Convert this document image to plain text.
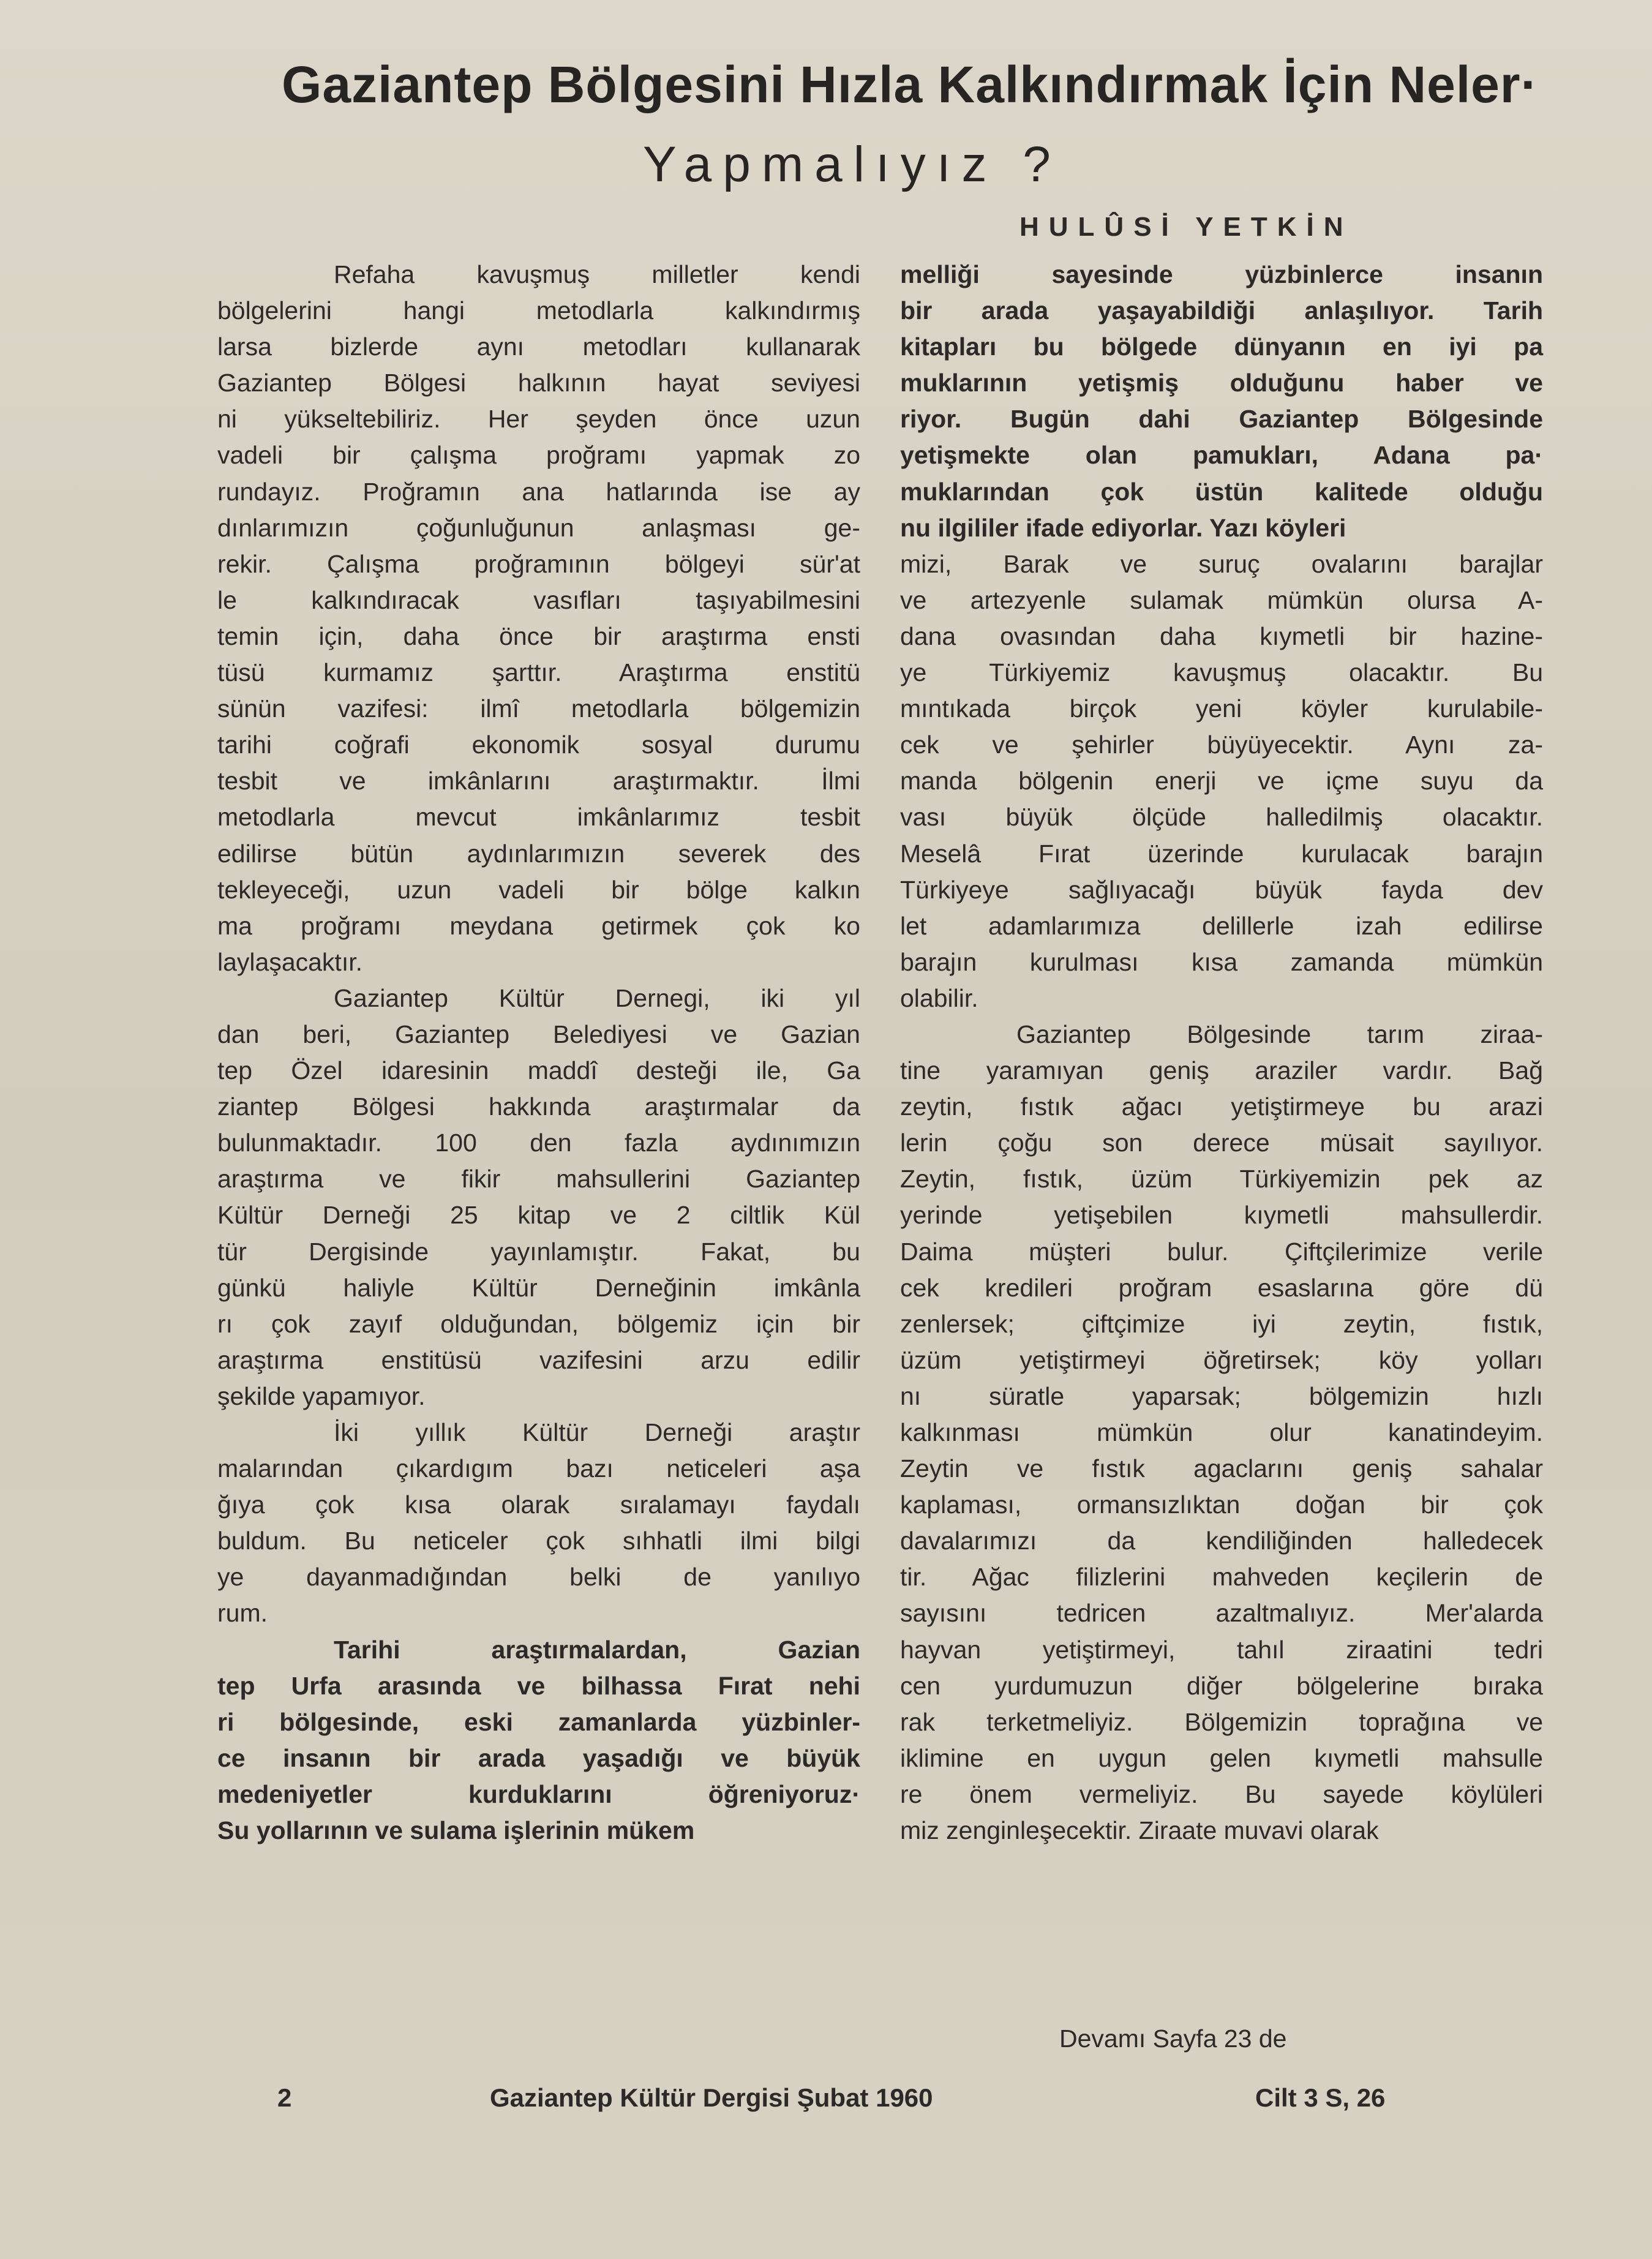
Gaziantep Bölgesini Hızla Kalkındırmak İçin Neler·
Yapmalıyız ?
HULÛSİ YETKİN

Refaha kavuşmuş milletler kendi
bölgelerini hangi metodlarla kalkındırmış
larsa bizlerde aynı metodları kullanarak
Gaziantep Bölgesi halkının hayat seviyesi
ni yükseltebiliriz. Her şeyden önce uzun
vadeli bir çalışma proğramı yapmak zo
rundayız. Proğramın ana hatlarında ise ay
dınlarımızın çoğunluğunun anlaşması ge-
rekir. Çalışma proğramının bölgeyi sür'at
le kalkındıracak vasıfları taşıyabilmesini
temin için, daha önce bir araştırma ensti
tüsü kurmamız şarttır. Araştırma enstitü
sünün vazifesi: ilmî metodlarla bölgemizin
tarihi coğrafi ekonomik sosyal durumu
tesbit ve imkânlarını araştırmaktır. İlmi
metodlarla mevcut imkânlarımız tesbit
edilirse bütün aydınlarımızın severek des
tekleyeceği, uzun vadeli bir bölge kalkın
ma proğramı meydana getirmek çok ko
laylaşacaktır.

Gaziantep Kültür Dernegi, iki yıl
dan beri, Gaziantep Belediyesi ve Gazian
tep Özel idaresinin maddî desteği ile, Ga
ziantep Bölgesi hakkında araştırmalar da
bulunmaktadır. 100 den fazla aydınımızın
araştırma ve fikir mahsullerini Gaziantep
Kültür Derneği 25 kitap ve 2 ciltlik Kül
tür Dergisinde yayınlamıştır. Fakat, bu
günkü haliyle Kültür Derneğinin imkânla
rı çok zayıf olduğundan, bölgemiz için bir
araştırma enstitüsü vazifesini arzu edilir
şekilde yapamıyor.

İki yıllık Kültür Derneği araştır
malarından çıkardıgım bazı neticeleri aşa
ğıya çok kısa olarak sıralamayı faydalı
buldum. Bu neticeler çok sıhhatli ilmi bilgi
ye dayanmadığından belki de yanılıyo
rum.

Tarihi araştırmalardan, Gazian
tep Urfa arasında ve bilhassa Fırat nehi
ri bölgesinde, eski zamanlarda yüzbinler-
ce insanın bir arada yaşadığı ve büyük
medeniyetler kurduklarını öğreniyoruz·
Su yollarının ve sulama işlerinin mükem

melliği sayesinde yüzbinlerce insanın
bir arada yaşayabildiği anlaşılıyor. Tarih
kitapları bu bölgede dünyanın en iyi pa
muklarının yetişmiş olduğunu haber ve
riyor. Bugün dahi Gaziantep Bölgesinde
yetişmekte olan pamukları, Adana pa·
muklarından çok üstün kalitede olduğu
nu ilgililer ifade ediyorlar. Yazı köyleri

mizi, Barak ve suruç ovalarını barajlar
ve artezyenle sulamak mümkün olursa A-
dana ovasından daha kıymetli bir hazine-
ye Türkiyemiz kavuşmuş olacaktır. Bu
mıntıkada birçok yeni köyler kurulabile-
cek ve şehirler büyüyecektir. Aynı za-
manda bölgenin enerji ve içme suyu da
vası büyük ölçüde halledilmiş olacaktır.
Meselâ Fırat üzerinde kurulacak barajın
Türkiyeye sağlıyacağı büyük fayda dev
let adamlarımıza delillerle izah edilirse
barajın kurulması kısa zamanda mümkün
olabilir.

Gaziantep Bölgesinde tarım ziraa-
tine yaramıyan geniş araziler vardır. Bağ
zeytin, fıstık ağacı yetiştirmeye bu arazi
lerin çoğu son derece müsait sayılıyor.
Zeytin, fıstık, üzüm Türkiyemizin pek az
yerinde yetişebilen kıymetli mahsullerdir.
Daima müşteri bulur. Çiftçilerimize verile
cek kredileri proğram esaslarına göre dü
zenlersek; çiftçimize iyi zeytin, fıstık,
üzüm yetiştirmeyi öğretirsek; köy yolları
nı süratle yaparsak; bölgemizin hızlı
kalkınması mümkün olur kanatindeyim.
Zeytin ve fıstık agaclarını geniş sahalar
kaplaması, ormansızlıktan doğan bir çok
davalarımızı da kendiliğinden halledecek
tir. Ağac filizlerini mahveden keçilerin de
sayısını tedricen azaltmalıyız. Mer'alarda
hayvan yetiştirmeyi, tahıl ziraatini tedri
cen yurdumuzun diğer bölgelerine bıraka
rak terketmeliyiz. Bölgemizin toprağına ve
iklimine en uygun gelen kıymetli mahsulle
re önem vermeliyiz. Bu sayede köylüleri
miz zenginleşecektir. Ziraate muvavi olarak

Devamı Sayfa 23 de
2	Gaziantep Kültür Dergisi Şubat 1960	Cilt 3 S, 26
